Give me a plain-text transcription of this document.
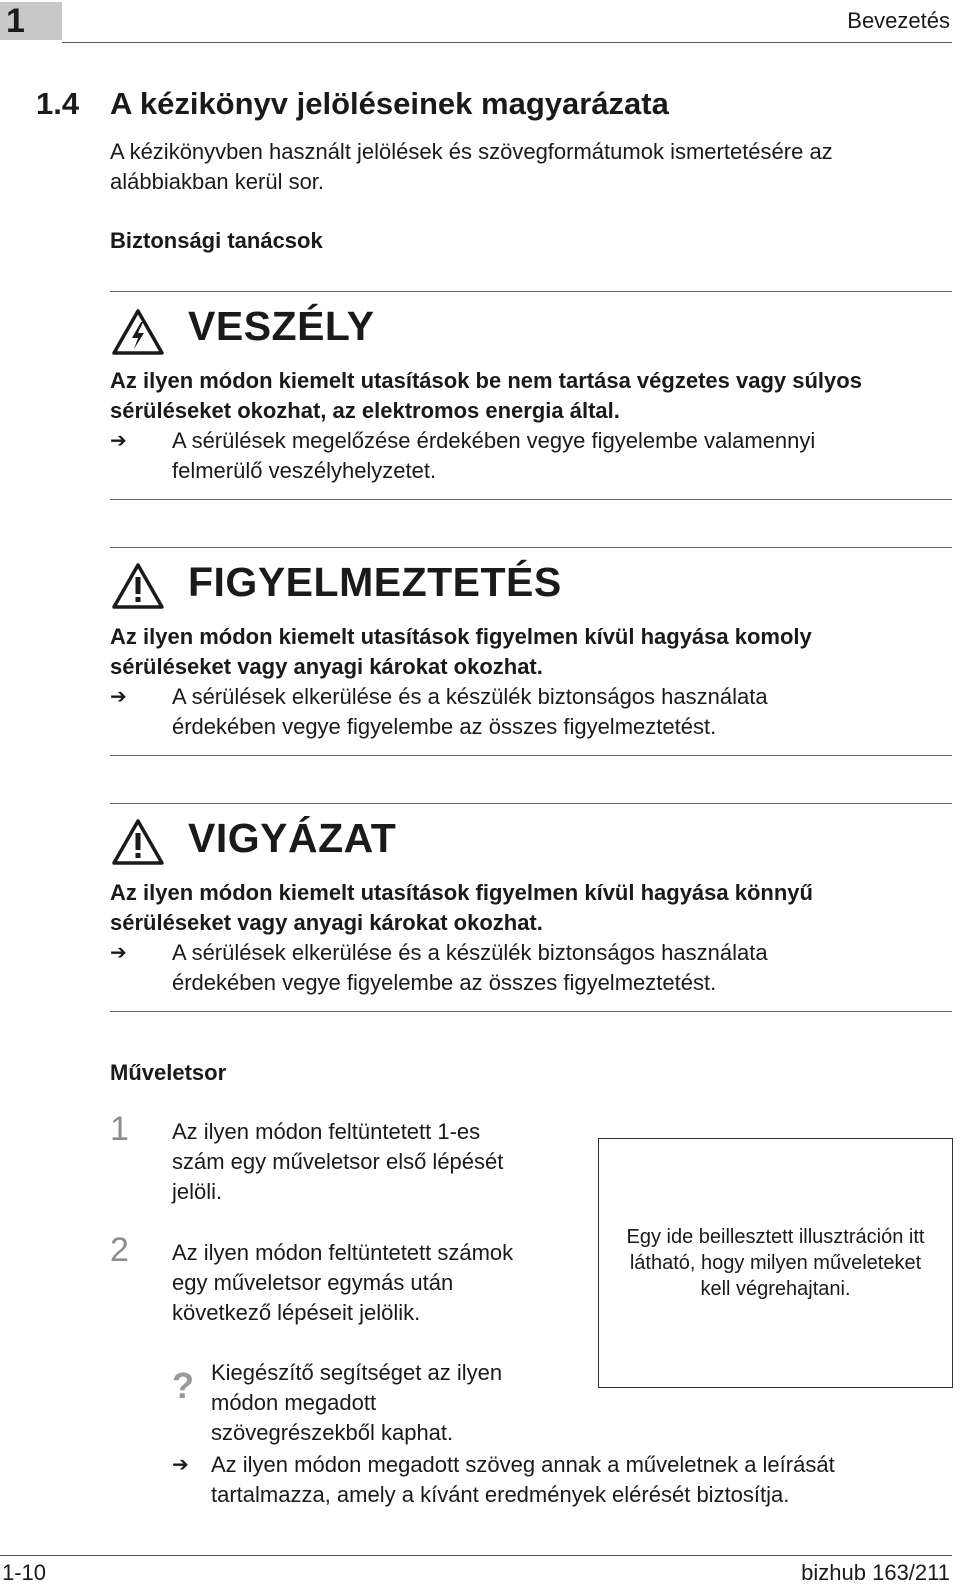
1	Bevezetés
1.4 A kézikönyv jelöléseinek magyarázata
A kézikönyvben használt jelölések és szövegformátumok ismertetésére az
alábbiakban kerül sor.
Biztonsági tanácsok
VESZÉLY
Az ilyen módon kiemelt utasítások be nem tartása végzetes vagy súlyos
sérüléseket okozhat, az elektromos energia által.
➔ A sérülések megelőzése érdekében vegye figyelembe valamennyi
felmerülő veszélyhelyzetet.
FIGYELMEZTETÉS
Az ilyen módon kiemelt utasítások figyelmen kívül hagyása komoly
sérüléseket vagy anyagi károkat okozhat.
➔ A sérülések elkerülése és a készülék biztonságos használata
érdekében vegye figyelembe az összes figyelmeztetést.
VIGYÁZAT
Az ilyen módon kiemelt utasítások figyelmen kívül hagyása könnyű
sérüléseket vagy anyagi károkat okozhat.
➔ A sérülések elkerülése és a készülék biztonságos használata
érdekében vegye figyelembe az összes figyelmeztetést.
Műveletsor
1 Az ilyen módon feltüntetett 1-es
szám egy műveletsor első lépését
jelöli.
2 Az ilyen módon feltüntetett számok
egy műveletsor egymás után
következő lépéseit jelölik.
Egy ide beillesztett illusztráción itt látható, hogy milyen műveleteket kell végrehajtani.
? Kiegészítő segítséget az ilyen
módon megadott
szövegrészekből kaphat.
➔ Az ilyen módon megadott szöveg annak a műveletnek a leírását
tartalmazza, amely a kívánt eredmények elérését biztosítja.
1-10	bizhub 163/211
